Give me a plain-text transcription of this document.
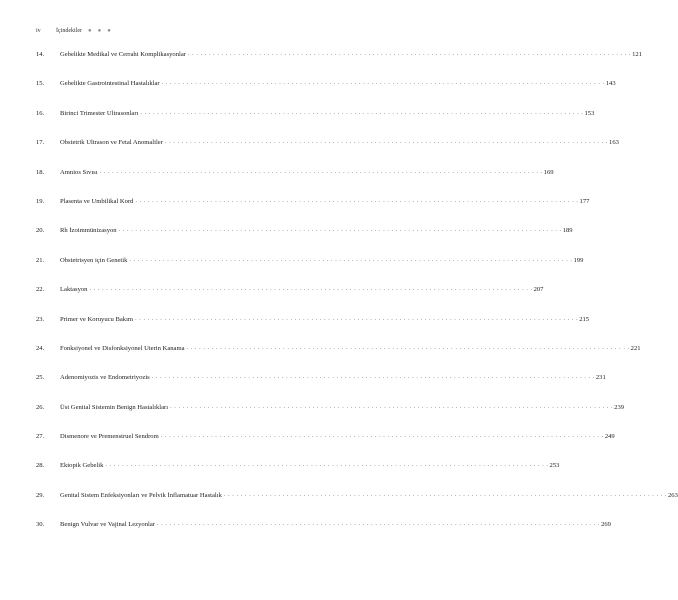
iv	İçindekiler ● ● ●
14.	Gebelikte Medikal ve Cerrahi Komplikasyonlar . . . . . . . . . . . . . . . . . . . . . . . . . . . . . . . . . . . . . . . . . . . . . . . . . . . . . . . . . . . . . . . . . . . . . . . . . . . . . . . . . . . . . . . . . . . . . . . . . . . . . . . . . . 121
15.	Gebelikte Gastrointestinal Hastalıklar . . . . . . . . . . . . . . . . . . . . . . . . . . . . . . . . . . . . . . . . . . . . . . . . . . . . . . . . . . . . . . . . . . . . . . . . . . . . . . . . . . . . . . . . . . . . . . . . . . . . . . . . . . 143
16.	Birinci Trimester Ultrasonları . . . . . . . . . . . . . . . . . . . . . . . . . . . . . . . . . . . . . . . . . . . . . . . . . . . . . . . . . . . . . . . . . . . . . . . . . . . . . . . . . . . . . . . . . . . . . . . . . . . . . . . . . . 153
17.	Obstetrik Ultrason ve Fetal Anomaliler . . . . . . . . . . . . . . . . . . . . . . . . . . . . . . . . . . . . . . . . . . . . . . . . . . . . . . . . . . . . . . . . . . . . . . . . . . . . . . . . . . . . . . . . . . . . . . . . . . . . . . . . . . 163
18.	Amnios Sıvısı . . . . . . . . . . . . . . . . . . . . . . . . . . . . . . . . . . . . . . . . . . . . . . . . . . . . . . . . . . . . . . . . . . . . . . . . . . . . . . . . . . . . . . . . . . . . . . . . . . . . . . . . . . 169
19.	Plasenta ve Umbilikal Kord . . . . . . . . . . . . . . . . . . . . . . . . . . . . . . . . . . . . . . . . . . . . . . . . . . . . . . . . . . . . . . . . . . . . . . . . . . . . . . . . . . . . . . . . . . . . . . . . . . . . . . . . . . 177
20.	Rh İzoimmünizasyon . . . . . . . . . . . . . . . . . . . . . . . . . . . . . . . . . . . . . . . . . . . . . . . . . . . . . . . . . . . . . . . . . . . . . . . . . . . . . . . . . . . . . . . . . . . . . . . . . . . . . . . . . . 189
21.	Obstetrisyen için Genetik . . . . . . . . . . . . . . . . . . . . . . . . . . . . . . . . . . . . . . . . . . . . . . . . . . . . . . . . . . . . . . . . . . . . . . . . . . . . . . . . . . . . . . . . . . . . . . . . . . . . . . . . . . 199
22.	Laktasyon . . . . . . . . . . . . . . . . . . . . . . . . . . . . . . . . . . . . . . . . . . . . . . . . . . . . . . . . . . . . . . . . . . . . . . . . . . . . . . . . . . . . . . . . . . . . . . . . . . . . . . . . . . 207
23.	Primer ve Koruyucu Bakım . . . . . . . . . . . . . . . . . . . . . . . . . . . . . . . . . . . . . . . . . . . . . . . . . . . . . . . . . . . . . . . . . . . . . . . . . . . . . . . . . . . . . . . . . . . . . . . . . . . . . . . . . . 215
24.	Fonksiyonel ve Disfonksiyonel Uterin Kanama . . . . . . . . . . . . . . . . . . . . . . . . . . . . . . . . . . . . . . . . . . . . . . . . . . . . . . . . . . . . . . . . . . . . . . . . . . . . . . . . . . . . . . . . . . . . . . . . . . . . . . . . . . 221
25.	Adenomiyozis ve Endometriyozis . . . . . . . . . . . . . . . . . . . . . . . . . . . . . . . . . . . . . . . . . . . . . . . . . . . . . . . . . . . . . . . . . . . . . . . . . . . . . . . . . . . . . . . . . . . . . . . . . . . . . . . . . . 231
26.	Üst Genital Sistemin Benign Hastalıkları . . . . . . . . . . . . . . . . . . . . . . . . . . . . . . . . . . . . . . . . . . . . . . . . . . . . . . . . . . . . . . . . . . . . . . . . . . . . . . . . . . . . . . . . . . . . . . . . . . . . . . . . . . 239
27.	Dismenore ve Premenstruel Sendrom . . . . . . . . . . . . . . . . . . . . . . . . . . . . . . . . . . . . . . . . . . . . . . . . . . . . . . . . . . . . . . . . . . . . . . . . . . . . . . . . . . . . . . . . . . . . . . . . . . . . . . . . . . 249
28.	Ektopik Gebelik . . . . . . . . . . . . . . . . . . . . . . . . . . . . . . . . . . . . . . . . . . . . . . . . . . . . . . . . . . . . . . . . . . . . . . . . . . . . . . . . . . . . . . . . . . . . . . . . . . . . . . . . . . 253
29.	Genital Sistem Enfeksiyonları ve Pelvik İnflamatuar Hastalık . . . . . . . . . . . . . . . . . . . . . . . . . . . . . . . . . . . . . . . . . . . . . . . . . . . . . . . . . . . . . . . . . . . . . . . . . . . . . . . . . . . . . . . . . . . . . . . . . . . . . . . . . . 263
30.	Benign Vulvar ve Vajinal Lezyonlar . . . . . . . . . . . . . . . . . . . . . . . . . . . . . . . . . . . . . . . . . . . . . . . . . . . . . . . . . . . . . . . . . . . . . . . . . . . . . . . . . . . . . . . . . . . . . . . . . . . . . . . . . . 269
